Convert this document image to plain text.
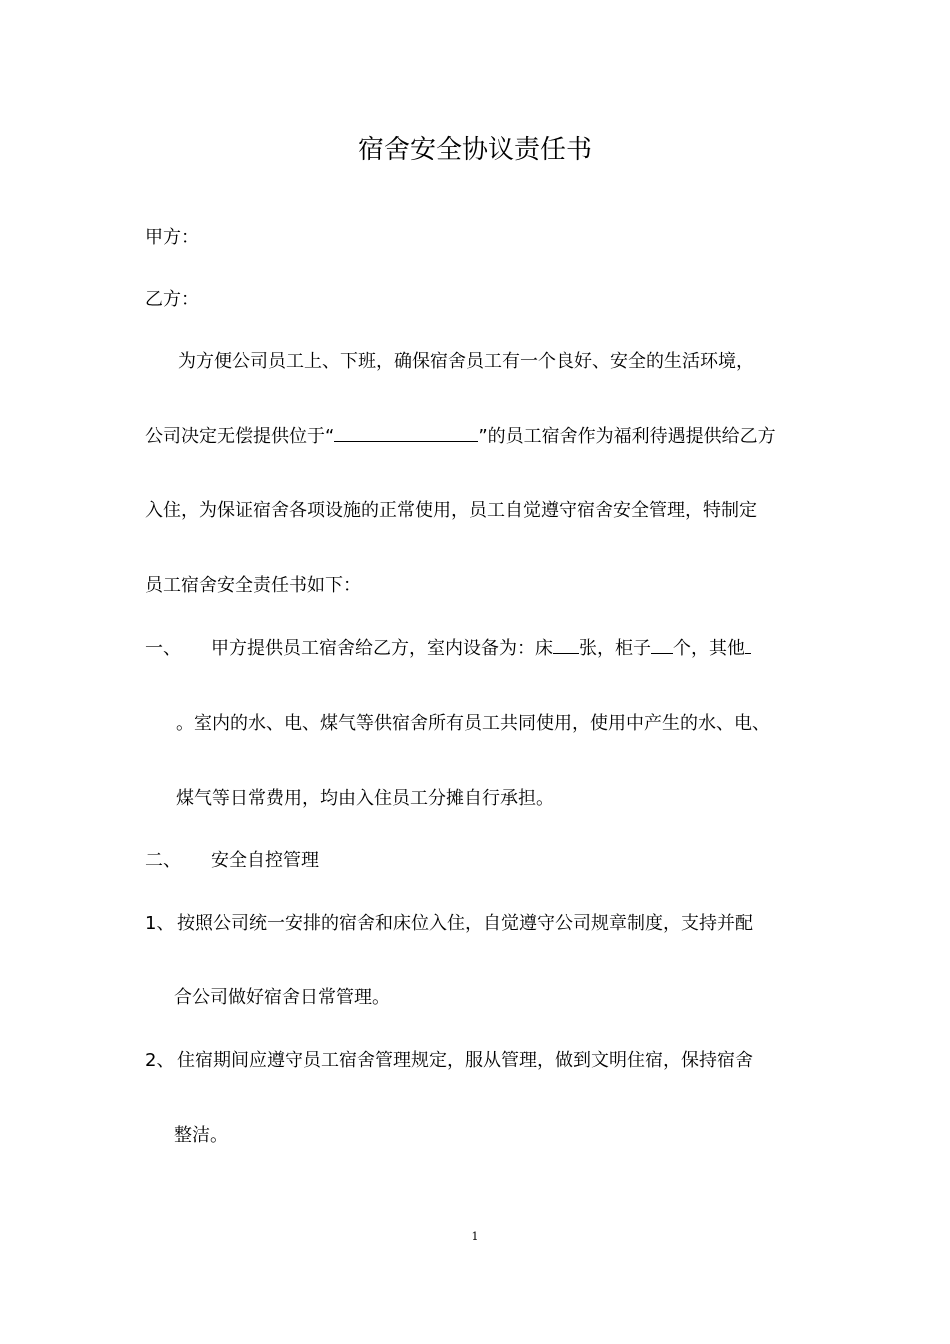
宿舍安全协议责任书
甲方：
乙方：
为方便公司员工上、下班，确保宿舍员工有一个良好、安全的生活环境，
公司决定无偿提供位于“	”的员工宿舍作为福利待遇提供给乙方
入住，为保证宿舍各项设施的正常使用，员工自觉遵守宿舍安全管理，特制定
员工宿舍安全责任书如下：
一、 甲方提供员工宿舍给乙方，室内设备为：床 张，柜子 个，其他
。室内的水、电、煤气等供宿舍所有员工共同使用，使用中产生的水、电、
煤气等日常费用，均由入住员工分摊自行承担。
二、 安全自控管理
1、 按照公司统一安排的宿舍和床位入住，自觉遵守公司规章制度，支持并配
合公司做好宿舍日常管理。
2、 住宿期间应遵守员工宿舍管理规定，服从管理，做到文明住宿，保持宿舍
整洁。
1
